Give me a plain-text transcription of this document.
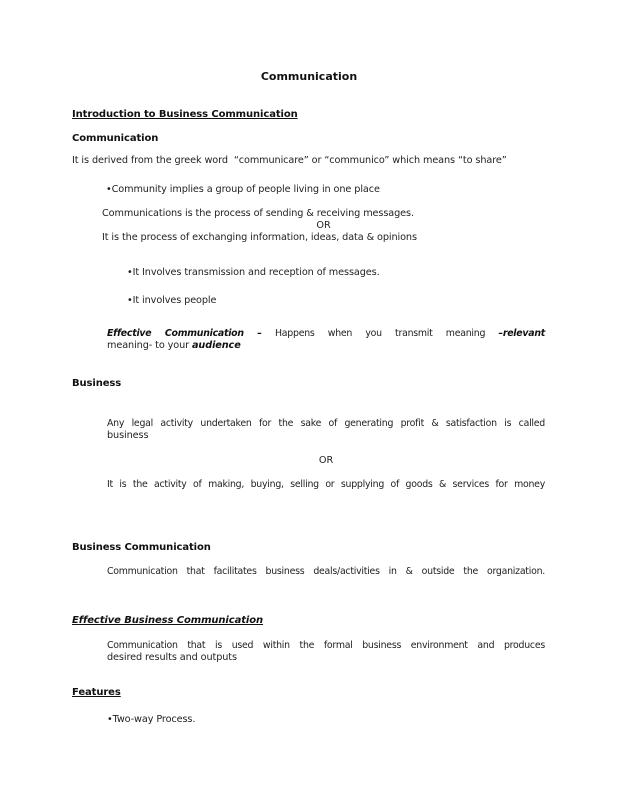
Communication
Introduction to Business Communication
Communication
It is derived from the greek word  “communicare” or “communico” which means “to share”
•Community implies a group of people living in one place
Communications is the process of sending & receiving messages.
OR
It is the process of exchanging information, ideas, data & opinions
•It Involves transmission and reception of messages.
•It involves people
Effective Communication – Happens when you transmit meaning –relevant
meaning- to your audience
Business
Any legal activity undertaken for the sake of generating profit & satisfaction is called
business
OR
It is the activity of making, buying, selling or supplying of goods & services for money
Business Communication
Communication that facilitates business deals/activities in & outside the organization.
Effective Business Communication
Communication that is used within the formal business environment and produces
desired results and outputs
Features
•Two-way Process.
